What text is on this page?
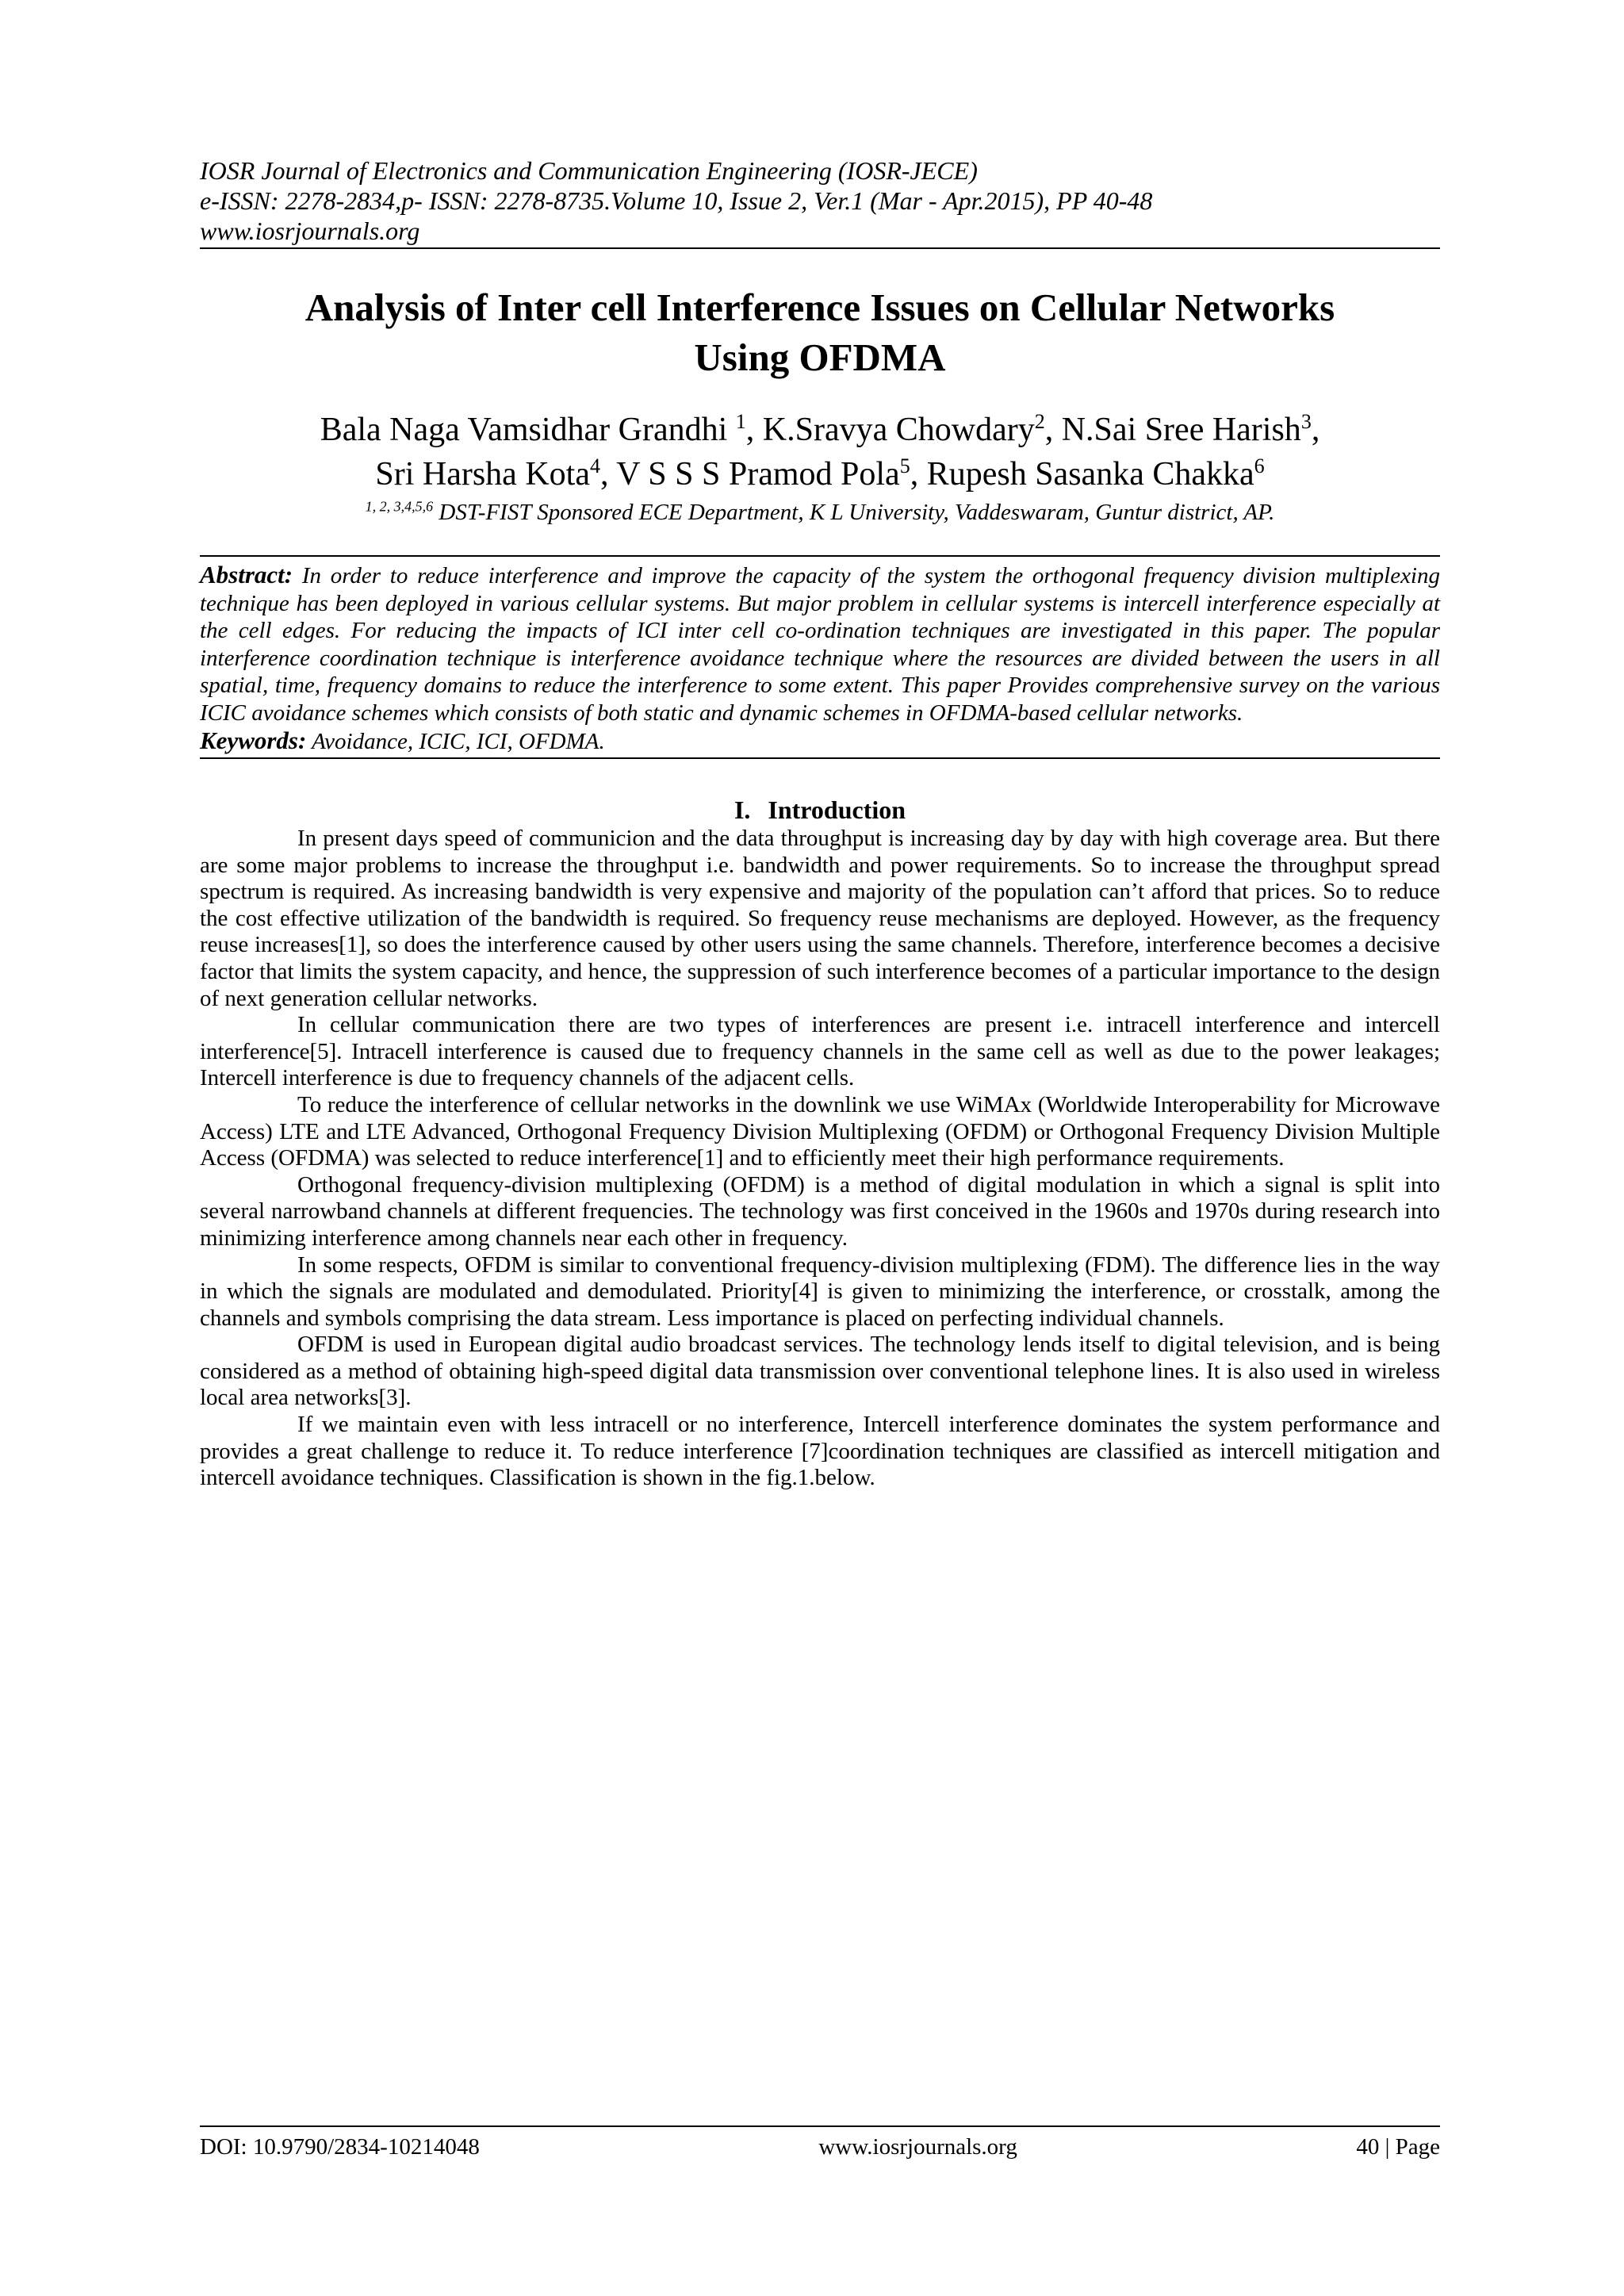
IOSR Journal of Electronics and Communication Engineering (IOSR-JECE)
e-ISSN: 2278-2834,p- ISSN: 2278-8735.Volume 10, Issue 2, Ver.1 (Mar - Apr.2015), PP 40-48
www.iosrjournals.org
Analysis of Inter cell Interference Issues on Cellular Networks
Using OFDMA
Bala Naga Vamsidhar Grandhi $^1$, K.Sravya Chowdary$^2$, N.Sai Sree Harish$^3$,
Sri Harsha Kota$^4$, V S S S Pramod Pola$^5$, Rupesh Sasanka Chakka$^6$
$^{1, 2, 3,4,5,6}$ DST-FIST Sponsored ECE Department, K L University, Vaddeswaram, Guntur district, AP.
Abstract: In order to reduce interference and improve the capacity of the system the orthogonal frequency division multiplexing technique has been deployed in various cellular systems. But major problem in cellular systems is intercell interference especially at the cell edges. For reducing the impacts of ICI inter cell co-ordination techniques are investigated in this paper. The popular interference coordination technique is interference avoidance technique where the resources are divided between the users in all spatial, time, frequency domains to reduce the interference to some extent. This paper Provides comprehensive survey on the various ICIC avoidance schemes which consists of both static and dynamic schemes in OFDMA-based cellular networks.
Keywords: Avoidance, ICIC, ICI, OFDMA.
I. Introduction

In present days speed of communicion and the data throughput is increasing day by day with high coverage area. But there are some major problems to increase the throughput i.e. bandwidth and power requirements. So to increase the throughput spread spectrum is required. As increasing bandwidth is very expensive and majority of the population can’t afford that prices. So to reduce the cost effective utilization of the bandwidth is required. So frequency reuse mechanisms are deployed. However, as the frequency reuse increases[1], so does the interference caused by other users using the same channels. Therefore, interference becomes a decisive factor that limits the system capacity, and hence, the suppression of such interference becomes of a particular importance to the design of next generation cellular networks.

In cellular communication there are two types of interferences are present i.e. intracell interference and intercell interference[5]. Intracell interference is caused due to frequency channels in the same cell as well as due to the power leakages; Intercell interference is due to frequency channels of the adjacent cells.

To reduce the interference of cellular networks in the downlink we use WiMAx (Worldwide Interoperability for Microwave Access) LTE and LTE Advanced, Orthogonal Frequency Division Multiplexing (OFDM) or Orthogonal Frequency Division Multiple Access (OFDMA) was selected to reduce interference[1] and to efficiently meet their high performance requirements.

Orthogonal frequency-division multiplexing (OFDM) is a method of digital modulation in which a signal is split into several narrowband channels at different frequencies. The technology was first conceived in the 1960s and 1970s during research into minimizing interference among channels near each other in frequency.

In some respects, OFDM is similar to conventional frequency-division multiplexing (FDM). The difference lies in the way in which the signals are modulated and demodulated. Priority[4] is given to minimizing the interference, or crosstalk, among the channels and symbols comprising the data stream. Less importance is placed on perfecting individual channels.

OFDM is used in European digital audio broadcast services. The technology lends itself to digital television, and is being considered as a method of obtaining high-speed digital data transmission over conventional telephone lines. It is also used in wireless local area networks[3].

If we maintain even with less intracell or no interference, Intercell interference dominates the system performance and provides a great challenge to reduce it. To reduce interference [7]coordination techniques are classified as intercell mitigation and intercell avoidance techniques. Classification is shown in the fig.1.below.

DOI: 10.9790/2834-10214048	www.iosrjournals.org	40 | Page
